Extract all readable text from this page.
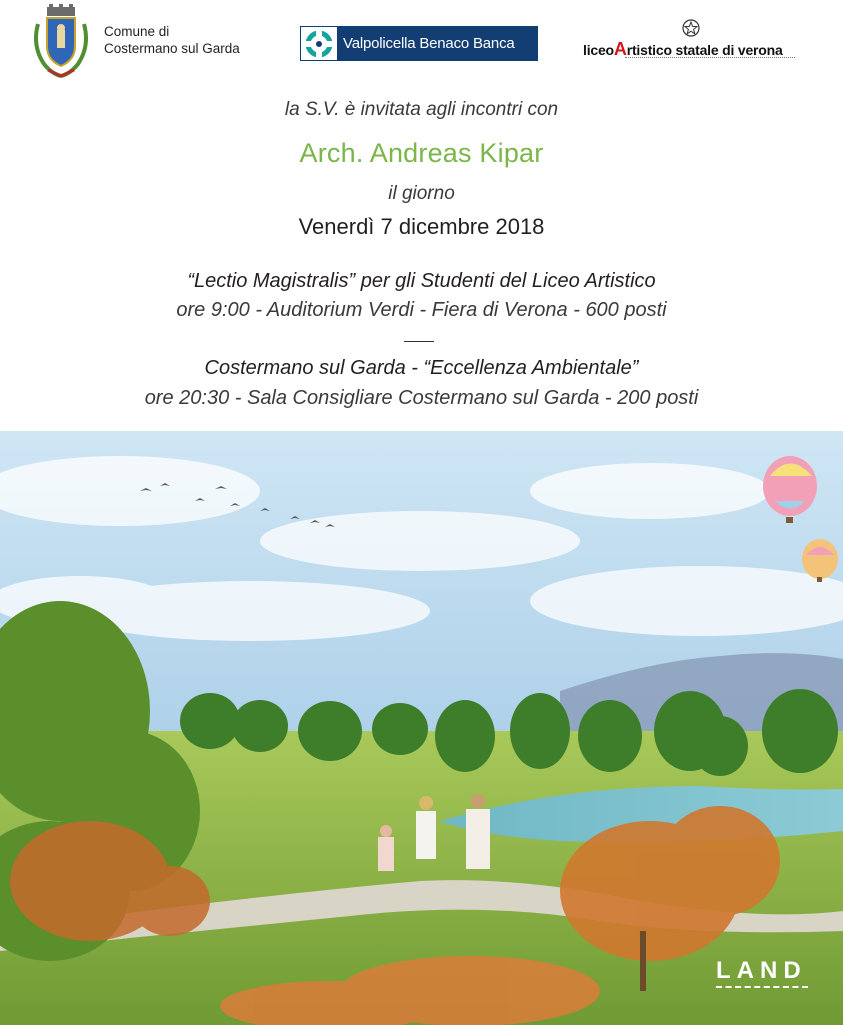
Comune di
Costermano sul Garda	Valpolicella Benaco Banca	liceoArtistico statale di verona
la S.V. è invitata agli incontri con
Arch. Andreas Kipar
il giorno
Venerdì 7 dicembre 2018
“Lectio Magistralis” per gli Studenti del Liceo Artistico
ore 9:00 - Auditorium Verdi - Fiera di Verona - 600 posti
Costermano sul Garda - “Eccellenza Ambientale”
ore 20:30 - Sala Consigliare Costermano sul Garda - 200 posti
LAND
